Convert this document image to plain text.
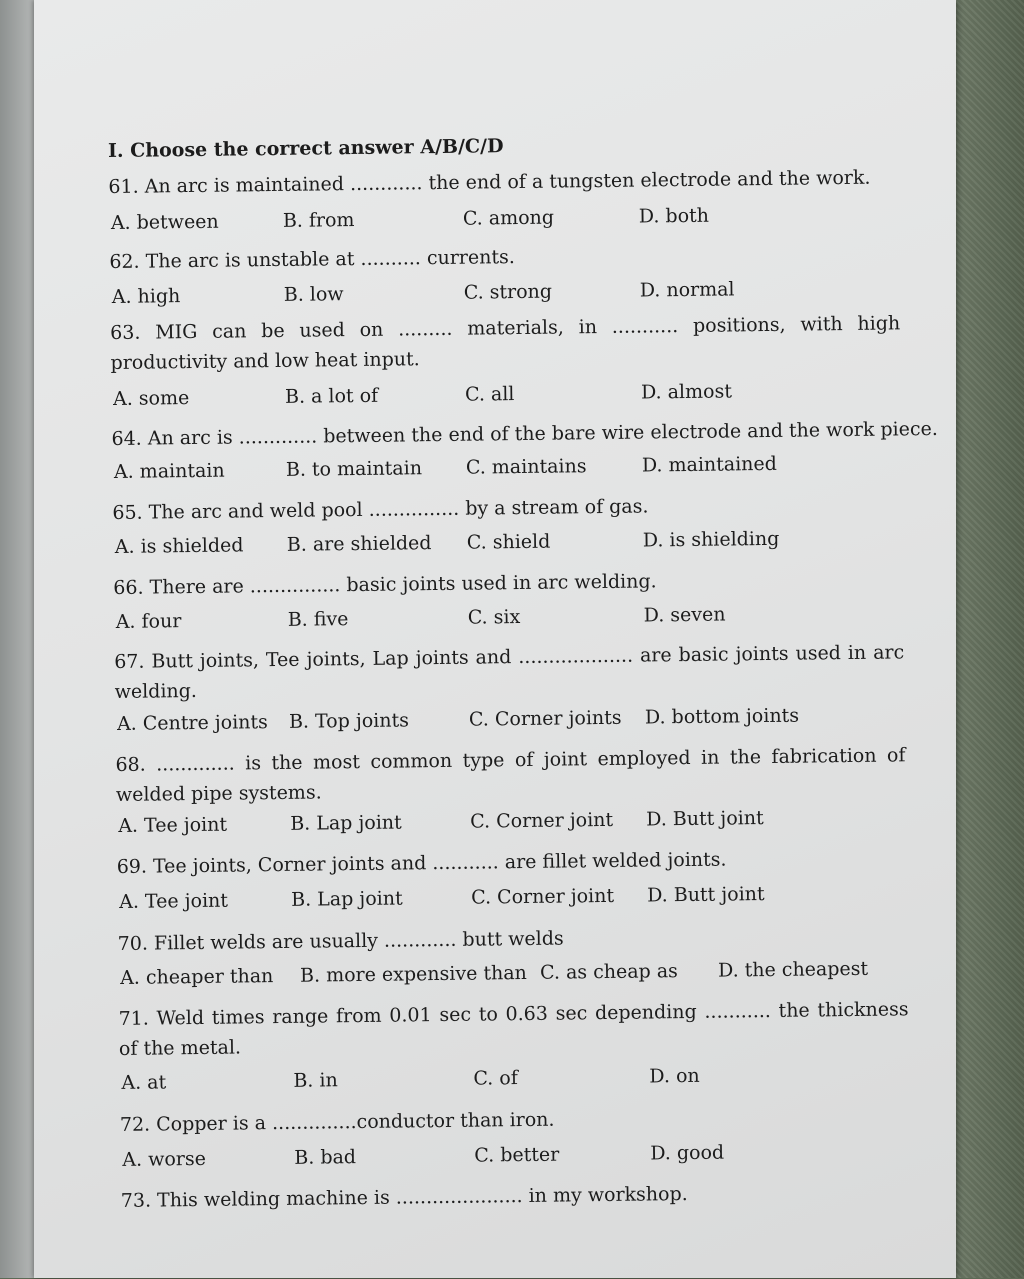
I. Choose the correct answer A/B/C/D
61. An arc is maintained ............ the end of a tungsten electrode and the work.
A. between	B. from	C. among	D. both
62. The arc is unstable at .......... currents.
A. high	B. low	C. strong	D. normal
63. MIG can be used on ......... materials, in ........... positions, with high productivity and low heat input.
A. some	B. a lot of	C. all	D. almost
64. An arc is ............. between the end of the bare wire electrode and the work piece.
A. maintain	B. to maintain C. maintains	D. maintained
65. The arc and weld pool ............... by a stream of gas.
A. is shielded B. are shielded C. shield	D. is shielding
66. There are ............... basic joints used in arc welding.
A. four	B. five	C. six	D. seven
67. Butt joints, Tee joints, Lap joints and ................... are basic joints used in arc welding.
A. Centre joints B. Top joints	C. Corner joints D. bottom joints
68. ............. is the most common type of joint employed in the fabrication of welded pipe systems.
A. Tee joint	B. Lap joint	C. Corner joint D. Butt joint
69. Tee joints, Corner joints and ........... are fillet welded joints.
A. Tee joint	B. Lap joint	C. Corner joint D. Butt joint
70. Fillet welds are usually ............ butt welds
A. cheaper than B. more expensive than C. as cheap as D. the cheapest
71. Weld times range from 0.01 sec to 0.63 sec depending ........... the thickness of the metal.
A. at	B. in	C. of	D. on
72. Copper is a ..............conductor than iron.
A. worse	B. bad	C. better	D. good
73. This welding machine is ..................... in my workshop.
